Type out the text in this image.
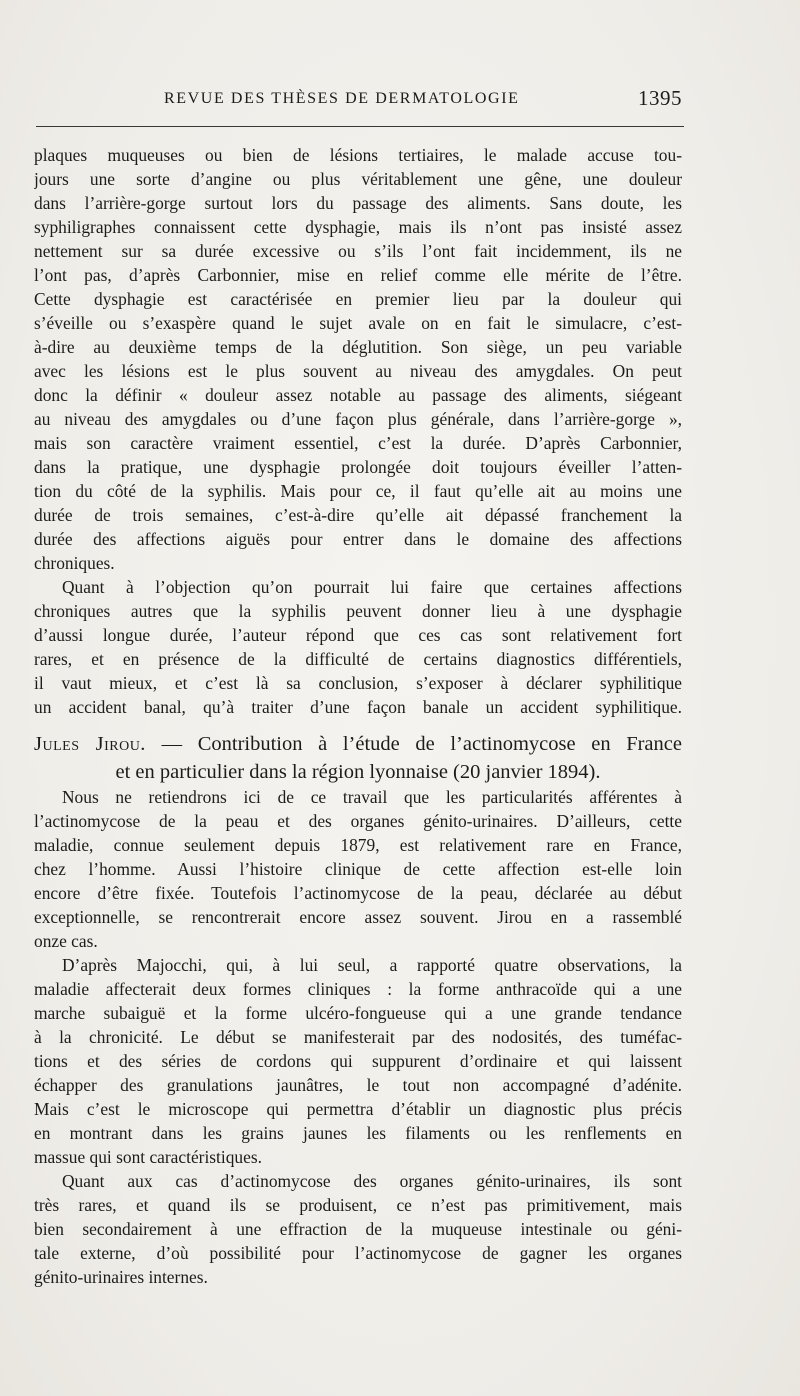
REVUE DES THÈSES DE DERMATOLOGIE	1395
plaques muqueuses ou bien de lésions tertiaires, le malade accuse tou-
jours une sorte d’angine ou plus véritablement une gêne, une douleur
dans l’arrière-gorge surtout lors du passage des aliments. Sans doute, les
syphiligraphes connaissent cette dysphagie, mais ils n’ont pas insisté assez
nettement sur sa durée excessive ou s’ils l’ont fait incidemment, ils ne
l’ont pas, d’après Carbonnier, mise en relief comme elle mérite de l’être.
Cette dysphagie est caractérisée en premier lieu par la douleur qui
s’éveille ou s’exaspère quand le sujet avale on en fait le simulacre, c’est-
à-dire au deuxième temps de la déglutition. Son siège, un peu variable
avec les lésions est le plus souvent au niveau des amygdales. On peut
donc la définir « douleur assez notable au passage des aliments, siégeant
au niveau des amygdales ou d’une façon plus générale, dans l’arrière-gorge »,
mais son caractère vraiment essentiel, c’est la durée. D’après Carbonnier,
dans la pratique, une dysphagie prolongée doit toujours éveiller l’atten-
tion du côté de la syphilis. Mais pour ce, il faut qu’elle ait au moins une
durée de trois semaines, c’est-à-dire qu’elle ait dépassé franchement la
durée des affections aiguës pour entrer dans le domaine des affections
chroniques.
Quant à l’objection qu’on pourrait lui faire que certaines affections
chroniques autres que la syphilis peuvent donner lieu à une dysphagie
d’aussi longue durée, l’auteur répond que ces cas sont relativement fort
rares, et en présence de la difficulté de certains diagnostics différentiels,
il vaut mieux, et c’est là sa conclusion, s’exposer à déclarer syphilitique
un accident banal, qu’à traiter d’une façon banale un accident syphilitique.
Jules Jirou. — Contribution à l’étude de l’actinomycose en France
et en particulier dans la région lyonnaise (20 janvier 1894).
Nous ne retiendrons ici de ce travail que les particularités afférentes à
l’actinomycose de la peau et des organes génito-urinaires. D’ailleurs, cette
maladie, connue seulement depuis 1879, est relativement rare en France,
chez l’homme. Aussi l’histoire clinique de cette affection est-elle loin
encore d’être fixée. Toutefois l’actinomycose de la peau, déclarée au début
exceptionnelle, se rencontrerait encore assez souvent. Jirou en a rassemblé
onze cas.
D’après Majocchi, qui, à lui seul, a rapporté quatre observations, la
maladie affecterait deux formes cliniques : la forme anthracoïde qui a une
marche subaiguë et la forme ulcéro-fongueuse qui a une grande tendance
à la chronicité. Le début se manifesterait par des nodosités, des tuméfac-
tions et des séries de cordons qui suppurent d’ordinaire et qui laissent
échapper des granulations jaunâtres, le tout non accompagné d’adénite.
Mais c’est le microscope qui permettra d’établir un diagnostic plus précis
en montrant dans les grains jaunes les filaments ou les renflements en
massue qui sont caractéristiques.
Quant aux cas d’actinomycose des organes génito-urinaires, ils sont
très rares, et quand ils se produisent, ce n’est pas primitivement, mais
bien secondairement à une effraction de la muqueuse intestinale ou géni-
tale externe, d’où possibilité pour l’actinomycose de gagner les organes
génito-urinaires internes.
